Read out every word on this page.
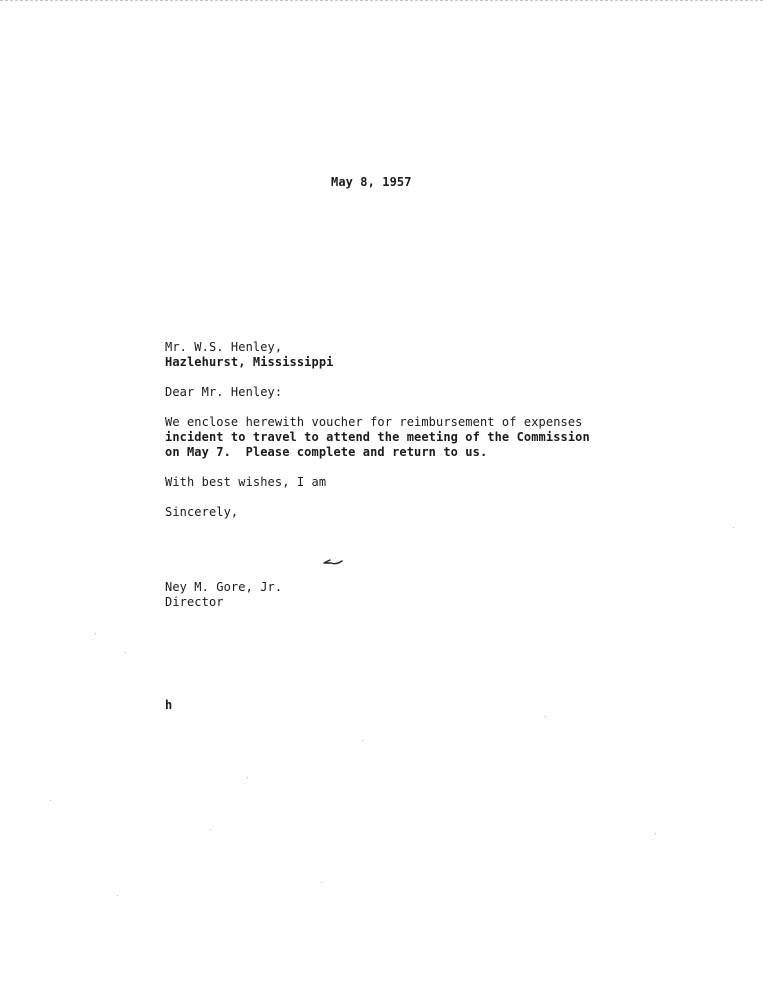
May 8, 1957
Mr. W.S. Henley,
Hazlehurst, Mississippi
Dear Mr. Henley:
We enclose herewith voucher for reimbursement of expenses
incident to travel to attend the meeting of the Commission
on May 7.  Please complete and return to us.
With best wishes, I am
Sincerely,
Ney M. Gore, Jr.
Director
h
